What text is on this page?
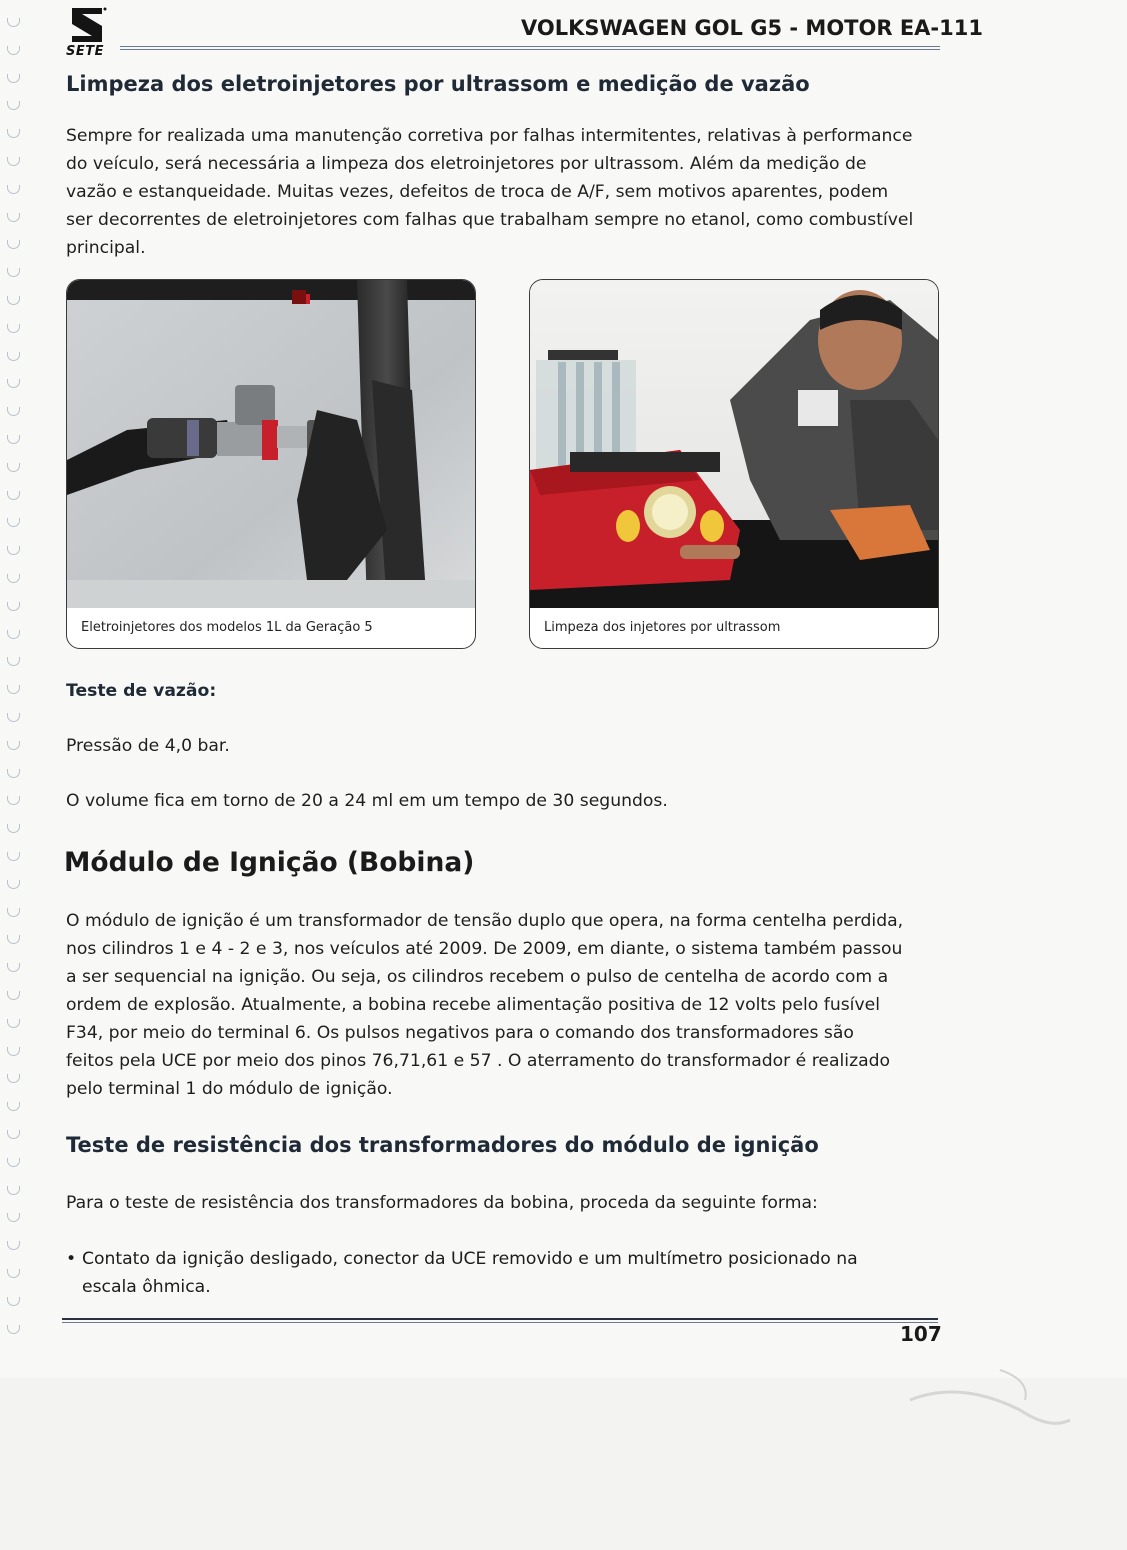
SETE
VOLKSWAGEN GOL G5 - MOTOR EA-111
Limpeza dos eletroinjetores por ultrassom e medição de vazão
Sempre for realizada uma manutenção corretiva por falhas intermitentes, relativas à performance
do veículo, será necessária a limpeza dos eletroinjetores por ultrassom. Além da medição de
vazão e estanqueidade. Muitas vezes, defeitos de troca de A/F, sem motivos aparentes, podem
ser decorrentes de eletroinjetores com falhas que trabalham sempre no etanol, como combustível
principal.
Eletroinjetores dos modelos 1L da Geração 5	Limpeza dos injetores por ultrassom
Teste de vazão:
Pressão de 4,0 bar.
O volume fica em torno de 20 a 24 ml em um tempo de 30 segundos.
Módulo de Ignição (Bobina)
O módulo de ignição é um transformador de tensão duplo que opera, na forma centelha perdida,
nos cilindros 1 e 4 - 2 e 3, nos veículos até 2009. De 2009, em diante, o sistema também passou
a ser sequencial na ignição. Ou seja, os cilindros recebem o pulso de centelha de acordo com a
ordem de explosão. Atualmente, a bobina recebe alimentação positiva de 12 volts pelo fusível
F34, por meio do terminal 6. Os pulsos negativos para o comando dos transformadores são
feitos pela UCE por meio dos pinos 76,71,61 e 57 . O aterramento do transformador é realizado
pelo terminal 1 do módulo de ignição.
Teste de resistência dos transformadores do módulo de ignição
Para o teste de resistência dos transformadores da bobina, proceda da seguinte forma:
• Contato da ignição desligado, conector da UCE removido e um multímetro posicionado na
escala ôhmica.
107
